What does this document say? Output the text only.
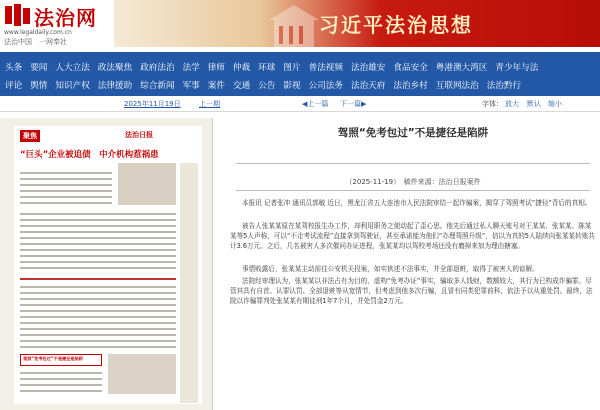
法治网
www.legaldaily.com.cn
法治中国　一网奉社
习近平法治思想
头条 要闻 人大立法 政法聚焦 政府法治 法学 律师 仲裁 环球 图片 普法视频 法治雄安 食品安全 粤港澳大湾区 青少年与法
评论 舆情 知识产权 法律援助 综合新闻 军事 案件 交通 公告 影视 公司法务 法治天府 法治乡村 互联网法治 法治黔行
2025年11月19日	上一期	◀上一篇 下一篇▶	字体： 放大 默认 缩小
聚焦	法治日报
“巨头”企业被追债　中介机构惹祸患
驾照“免考包过”不是捷径是陷阱
驾照“免考包过”不是捷径是陷阱
（2025-11-19）　稿件来源：法治日报案件

本报讯 记者张冲 通讯员郭敏 近日，黑龙江省五大连池市人民法院审结一起诈骗案，揭穿了驾照考试“捷径”背后的真相。

被告人张某某原在某驾校报生办工作，却利用职务之便动起了歪心思。他先后通过私人聊天账号对王某某、张某某、陈某某等5人声称，可以“不走考试流程”直接拿到驾驶证，甚至承诺能为他们“办理驾照升级”，信以为真的5人陆续向张某某转账共计3.6万元。之后，几名被害人多次催问办证进程，张某某均以驾校考场还没有磨掉来加为理由搪塞。

事情败露后，张某某主动前往公安机关投案，如实供述不法事实，并全部退赃，取得了被害人的谅解。

法院经审理认为，张某某以非法占有为目的，虚构“免考办证”事实，骗取多人钱财，数额较大，其行为已构成诈骗罪。尽管其具有自首、认罪认罚、全部退赃等从宽情节，但考虑到他多次行骗，且冒有同类犯罪前科，依法予以从重处罚。最终，法院以诈骗罪判处张某某有期徒刑1年7个月，并处罚金2万元。
